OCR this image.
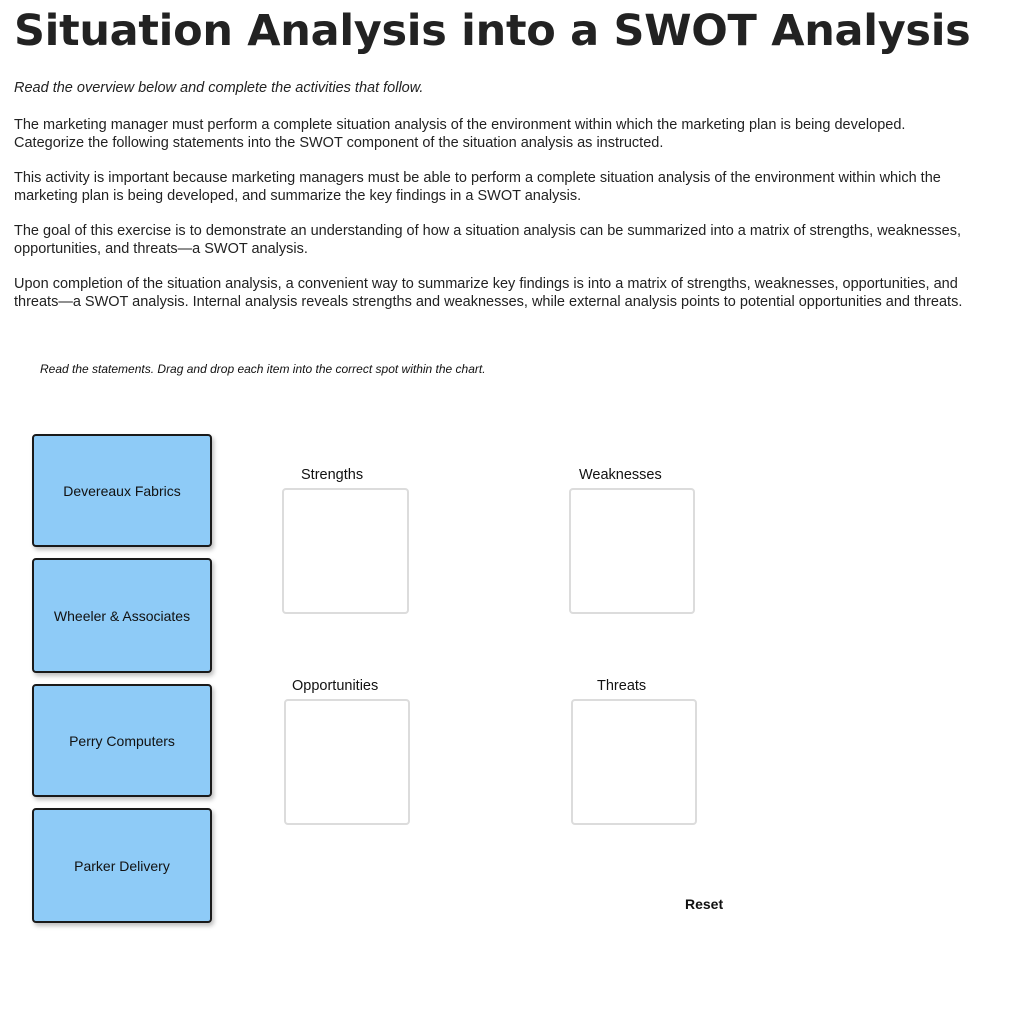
Situation Analysis into a SWOT Analysis
Read the overview below and complete the activities that follow.
The marketing manager must perform a complete situation analysis of the environment within which the marketing plan is being developed. Categorize the following statements into the SWOT component of the situation analysis as instructed.
This activity is important because marketing managers must be able to perform a complete situation analysis of the environment within which the marketing plan is being developed, and summarize the key findings in a SWOT analysis.
The goal of this exercise is to demonstrate an understanding of how a situation analysis can be summarized into a matrix of strengths, weaknesses, opportunities, and threats—a SWOT analysis.
Upon completion of the situation analysis, a convenient way to summarize key findings is into a matrix of strengths, weaknesses, opportunities, and threats—a SWOT analysis. Internal analysis reveals strengths and weaknesses, while external analysis points to potential opportunities and threats.
Read the statements. Drag and drop each item into the correct spot within the chart.
Devereaux Fabrics
Wheeler & Associates
Perry Computers
Parker Delivery
Strengths	Weaknesses
Opportunities	Threats
Reset
